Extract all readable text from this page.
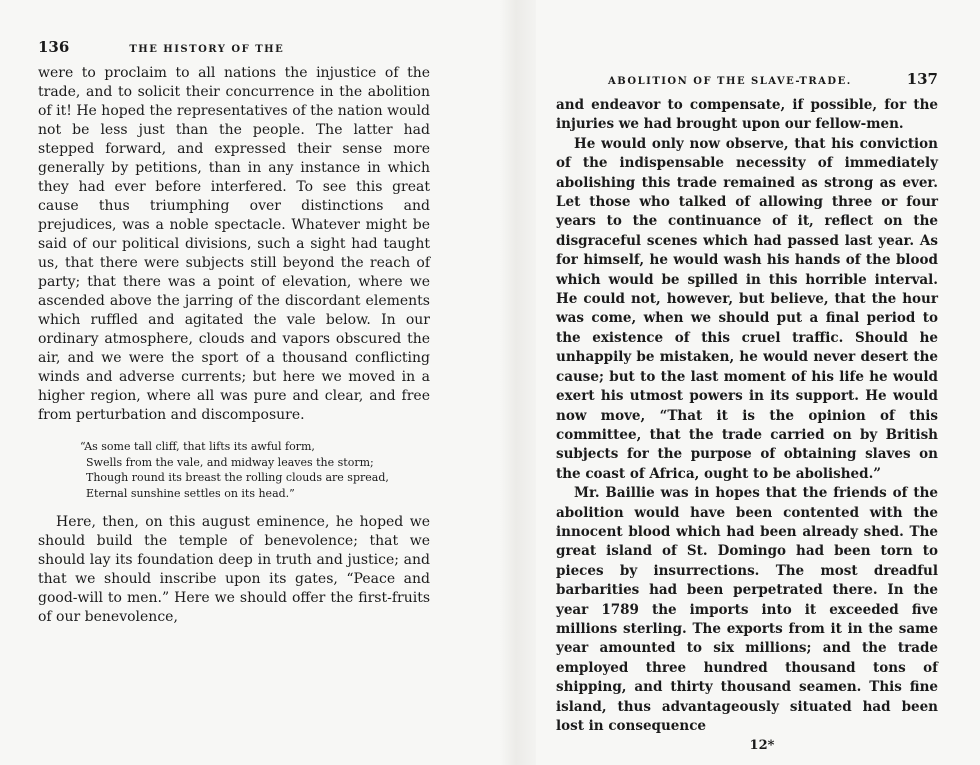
136	THE HISTORY OF THE

were to proclaim to all nations the injustice of the trade, and to solicit their concurrence in the abolition of it! He hoped the representatives of the nation would not be less just than the people. The latter had stepped forward, and expressed their sense more generally by petitions, than in any instance in which they had ever before interfered. To see this great cause thus triumphing over distinctions and prejudices, was a noble spectacle. Whatever might be said of our political divisions, such a sight had taught us, that there were subjects still beyond the reach of party; that there was a point of elevation, where we ascended above the jarring of the discordant elements which ruffled and agitated the vale below. In our ordinary atmosphere, clouds and vapors obscured the air, and we were the sport of a thousand conflicting winds and adverse currents; but here we moved in a higher region, where all was pure and clear, and free from perturbation and discomposure.

“As some tall cliff, that lifts its awful form,
Swells from the vale, and midway leaves the storm;
Though round its breast the rolling clouds are spread,
Eternal sunshine settles on its head.”

Here, then, on this august eminence, he hoped we should build the temple of benevolence; that we should lay its foundation deep in truth and justice; and that we should inscribe upon its gates, “Peace and good-will to men.” Here we should offer the first-fruits of our benevolence,

ABOLITION OF THE SLAVE-TRADE.	137

and endeavor to compensate, if possible, for the injuries we had brought upon our fellow-men.

He would only now observe, that his conviction of the indispensable necessity of immediately abolishing this trade remained as strong as ever. Let those who talked of allowing three or four years to the continuance of it, reflect on the disgraceful scenes which had passed last year. As for himself, he would wash his hands of the blood which would be spilled in this horrible interval. He could not, however, but believe, that the hour was come, when we should put a final period to the existence of this cruel traffic. Should he unhappily be mistaken, he would never desert the cause; but to the last moment of his life he would exert his utmost powers in its support. He would now move, “That it is the opinion of this committee, that the trade carried on by British subjects for the purpose of obtaining slaves on the coast of Africa, ought to be abolished.”

Mr. Baillie was in hopes that the friends of the abolition would have been contented with the innocent blood which had been already shed. The great island of St. Domingo had been torn to pieces by insurrections. The most dreadful barbarities had been perpetrated there. In the year 1789 the imports into it exceeded five millions sterling. The exports from it in the same year amounted to six millions; and the trade employed three hundred thousand tons of shipping, and thirty thousand seamen. This fine island, thus advantageously situated had been lost in consequence

12*
